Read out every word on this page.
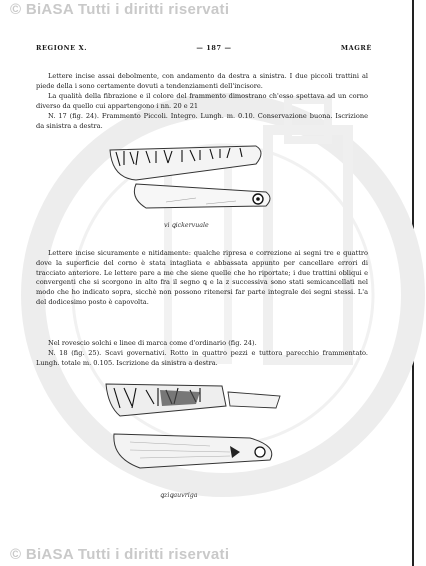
© BiASA Tutti i diritti riservati
REGIONE X.	— 187 —	MAGRÈ
Lettere incise assai debolmente, con andamento da destra a sinistra. I due piccoli trattini al piede della i sono certamente dovuti a tendenziamenti dell'incisore.
La qualità della fibrazione e il colore del frammento dimostrano ch'esso spettava ad un corno diverso da quello cui appartengono i nn. 20 e 21
N. 17 (fig. 24). Frammento Piccoli. Integro. Lungh. m. 0.10. Conservazione buona. Iscrizione da sinistra a destra.
vi ꝗickervuale
Lettere incise sicuramente e nitidamente: qualche ripresa e correzione ai segni tre e quattro dove la superficie del corno è stata intagliata e abbassata appunto per cancellare errori di tracciato anteriore. Le lettere pare a me che siene quelle che ho riportate; i due trattini obliqui e convergenti che si scorgono in alto fra il segno ꝗ e la z successiva sono stati semicancellati nel modo che ho indicato sopra, sicchè non possono ritenersi far parte integrale dei segni stessi. L'a del dodicesimo posto è capovolta.
Nel rovescio solchi e linee di marca come d'ordinario (fig. 24).
N. 18 (fig. 25). Scavi governativi. Rotto in quattro pezzi e tuttora parecchio frammentato. Lungh. totale m. 0.105. Iscrizione da sinistra a destra.
ꝗziꝗauvriga
© BiASA Tutti i diritti riservati
